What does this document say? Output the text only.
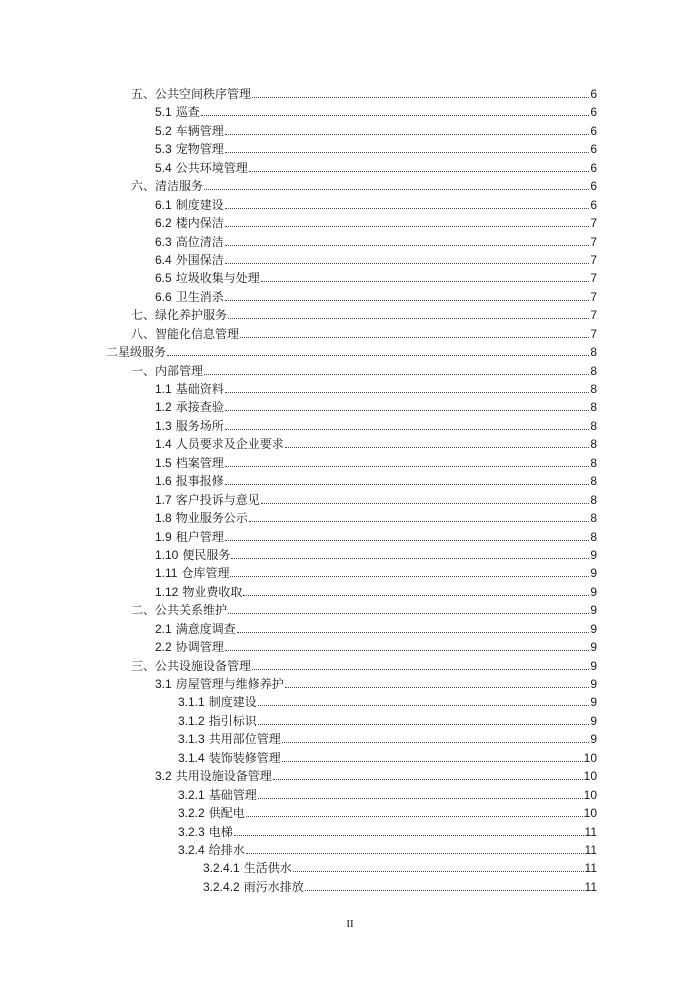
五、公共空间秩序管理	6
5.1 巡查	6
5.2 车辆管理	6
5.3 宠物管理	6
5.4 公共环境管理	6
六、清洁服务	6
6.1 制度建设	6
6.2 楼内保洁	7
6.3 高位清洁	7
6.4 外围保洁	7
6.5 垃圾收集与处理	7
6.6 卫生消杀	7
七、绿化养护服务	7
八、智能化信息管理	7
二星级服务	8
一、内部管理	8
1.1 基础资料	8
1.2 承接查验	8
1.3 服务场所	8
1.4 人员要求及企业要求	8
1.5 档案管理	8
1.6 报事报修	8
1.7 客户投诉与意见	8
1.8 物业服务公示	8
1.9 租户管理	8
1.10 便民服务	9
1.11 仓库管理	9
1.12 物业费收取	9
二、公共关系维护	9
2.1 满意度调查	9
2.2 协调管理	9
三、公共设施设备管理	9
3.1 房屋管理与维修养护	9
3.1.1 制度建设	9
3.1.2 指引标识	9
3.1.3 共用部位管理	9
3.1.4 装饰装修管理	10
3.2 共用设施设备管理	10
3.2.1 基础管理	10
3.2.2 供配电	10
3.2.3 电梯	11
3.2.4 给排水	11
3.2.4.1 生活供水	11
3.2.4.2 雨污水排放	11
II
